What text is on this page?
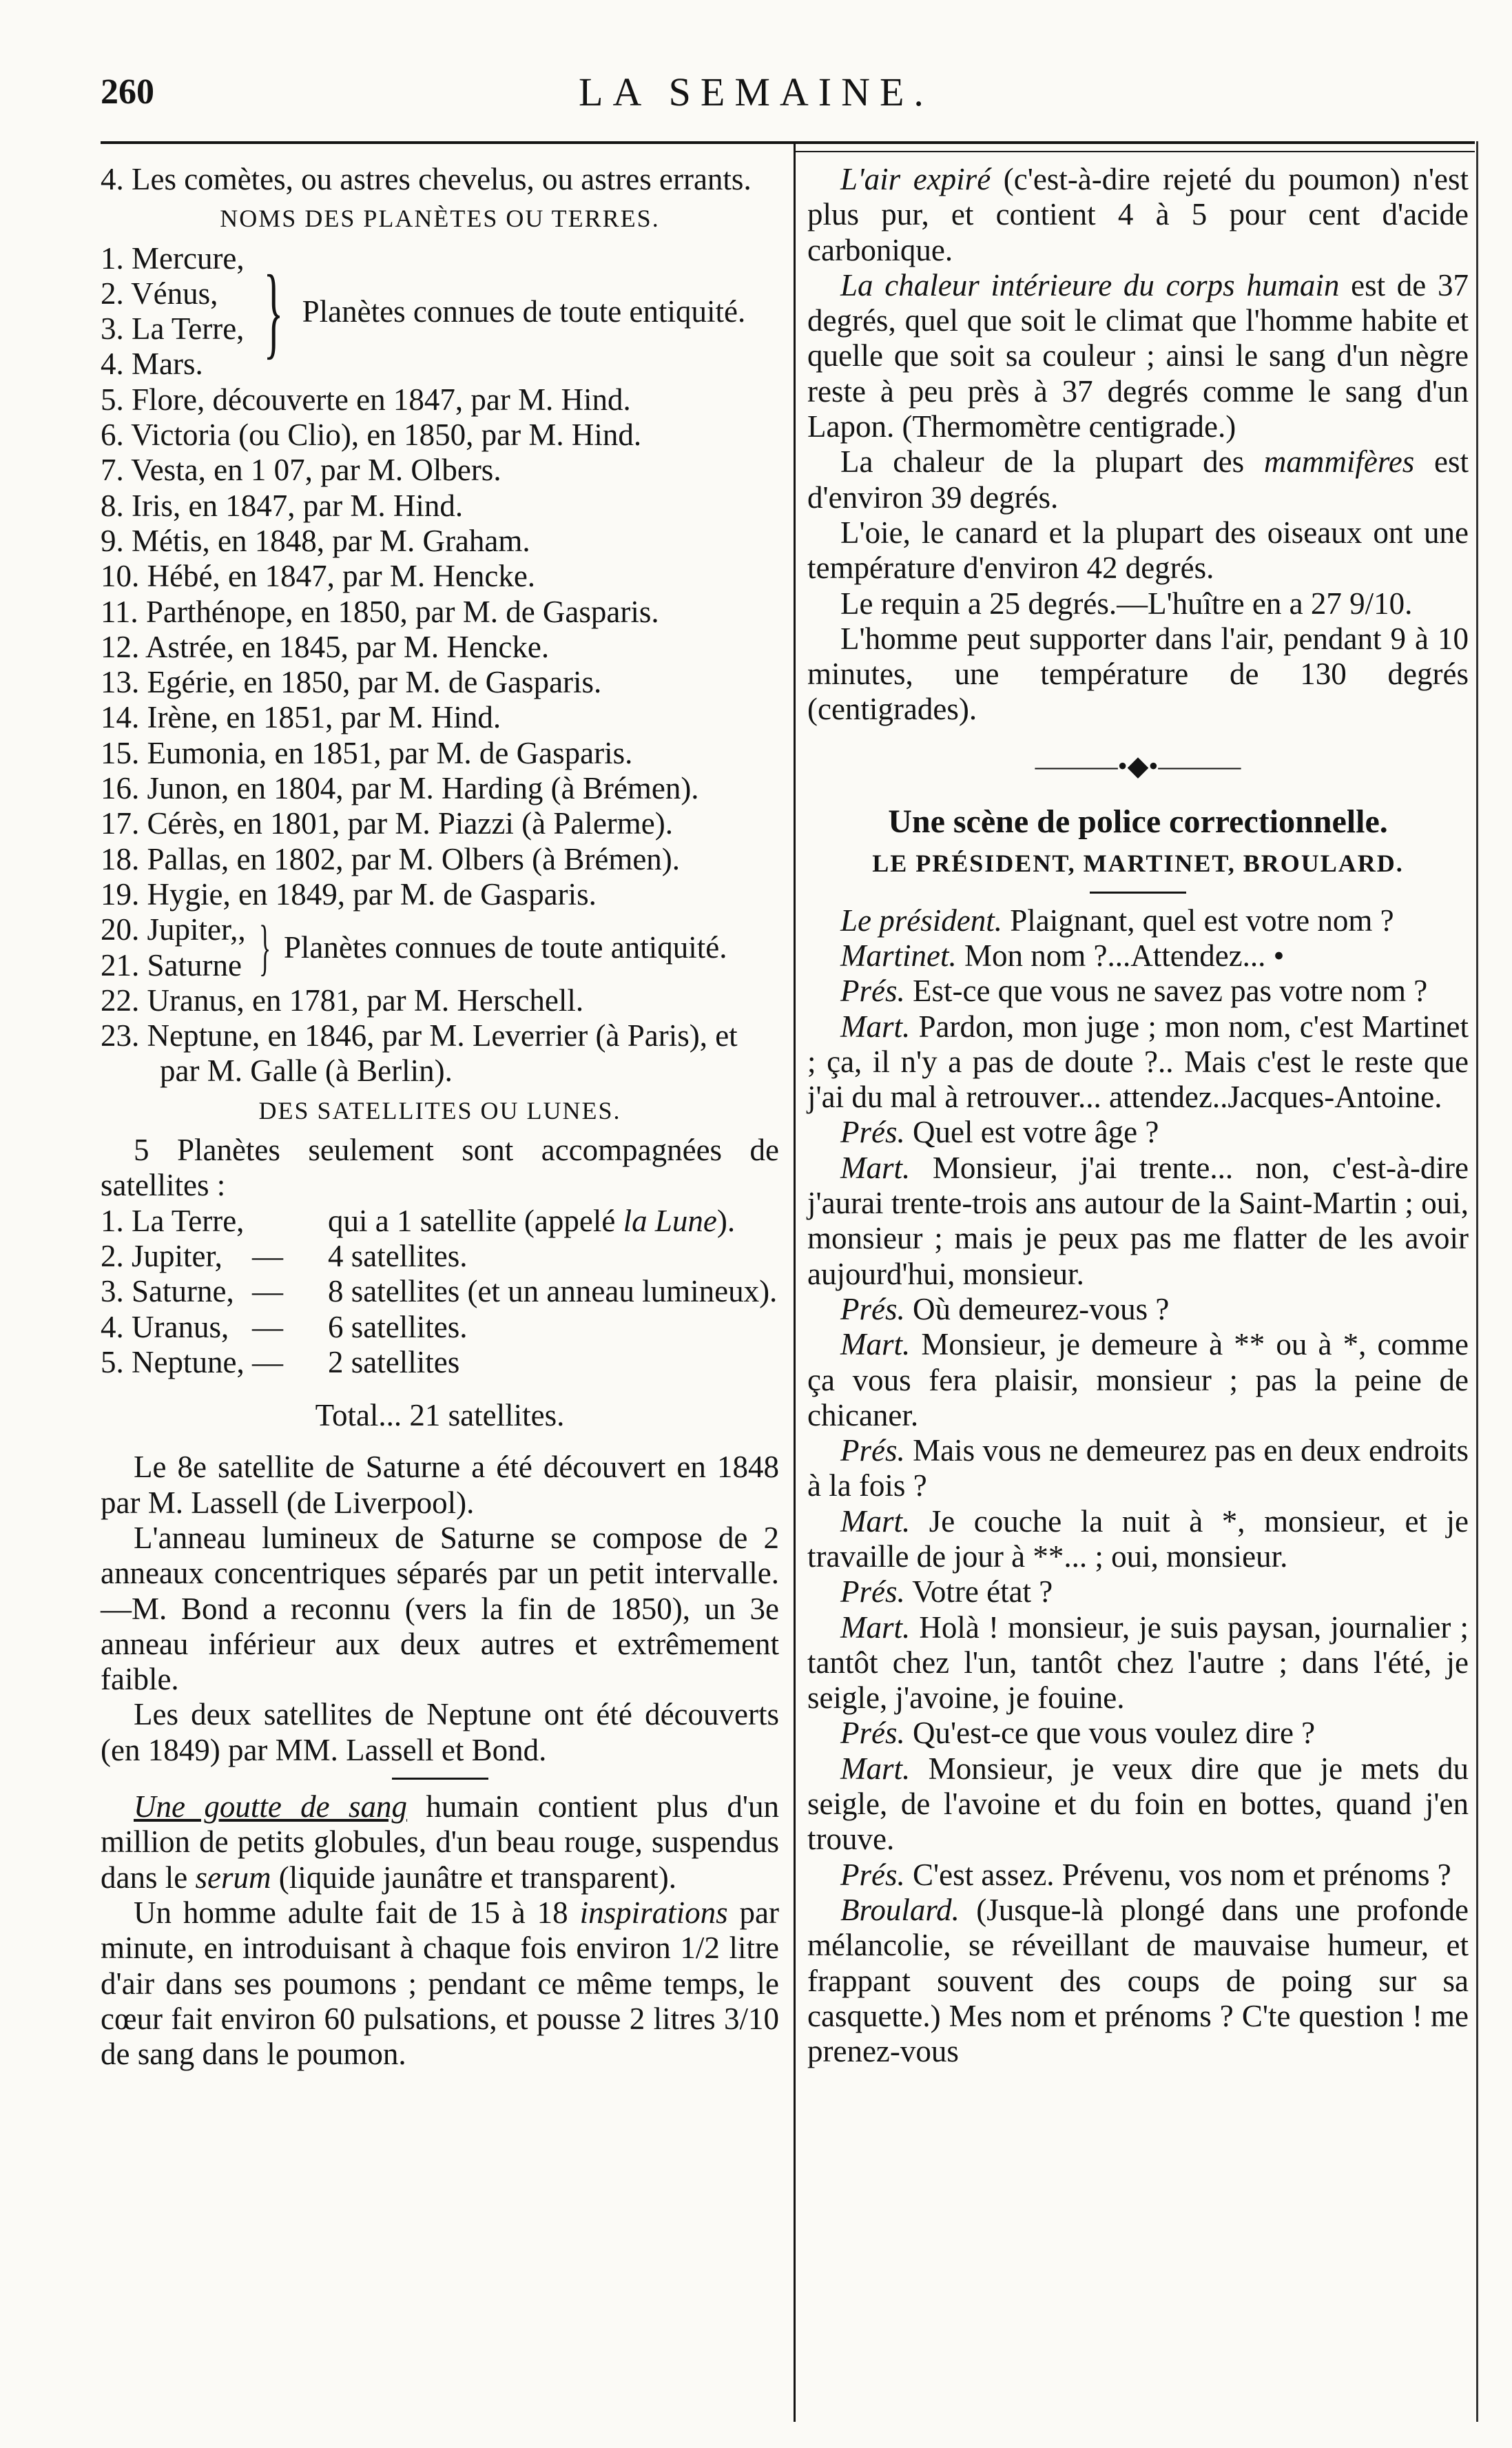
260	LA SEMAINE.

4. Les comètes, ou astres chevelus, ou astres errants.

NOMS DES PLANÈTES OU TERRES.
1. Mercure,
2. Vénus,
3. La Terre,
4. Mars. } Planètes connues de toute entiquité.

5. Flore, découverte en 1847, par M. Hind.

6. Victoria (ou Clio), en 1850, par M. Hind.

7. Vesta, en 1 07, par M. Olbers.

8. Iris, en 1847, par M. Hind.

9. Métis, en 1848, par M. Graham.

10. Hébé, en 1847, par M. Hencke.

11. Parthénope, en 1850, par M. de Gasparis.

12. Astrée, en 1845, par M. Hencke.

13. Egérie, en 1850, par M. de Gasparis.

14. Irène, en 1851, par M. Hind.

15. Eumonia, en 1851, par M. de Gasparis.

16. Junon, en 1804, par M. Harding (à Brémen).

17. Cérès, en 1801, par M. Piazzi (à Palerme).

18. Pallas, en 1802, par M. Olbers (à Brémen).

19. Hygie, en 1849, par M. de Gasparis.

20. Jupiter,,
21. Saturne } Planètes connues de toute antiquité.

22. Uranus, en 1781, par M. Herschell.

23. Neptune, en 1846, par M. Leverrier (à Paris), et par M. Galle (à Berlin).

DES SATELLITES OU LUNES.

5 Planètes seulement sont accompagnées de satellites :

1. La Terre,	qui a 1 satellite (appelé la Lune).
2. Jupiter, —	4 satellites.
3. Saturne, —	8 satellites (et un anneau lumineux).
4. Uranus, —	6 satellites.
5. Neptune, —	2 satellites
Total... 21 satellites.

Le 8e satellite de Saturne a été découvert en 1848 par M. Lassell (de Liverpool).

L'anneau lumineux de Saturne se compose de 2 anneaux concentriques séparés par un petit intervalle.—M. Bond a reconnu (vers la fin de 1850), un 3e anneau inférieur aux deux autres et extrêmement faible.

Les deux satellites de Neptune ont été découverts (en 1849) par MM. Lassell et Bond.

Une goutte de sang humain contient plus d'un million de petits globules, d'un beau rouge, suspendus dans le serum (liquide jaunâtre et transparent).

Un homme adulte fait de 15 à 18 inspirations par minute, en introduisant à chaque fois environ 1/2 litre d'air dans ses poumons ; pendant ce même temps, le cœur fait environ 60 pulsations, et pousse 2 litres 3/10 de sang dans le poumon.

L'air expiré (c'est-à-dire rejeté du poumon) n'est plus pur, et contient 4 à 5 pour cent d'acide carbonique.

La chaleur intérieure du corps humain est de 37 degrés, quel que soit le climat que l'homme habite et quelle que soit sa couleur ; ainsi le sang d'un nègre reste à peu près à 37 degrés comme le sang d'un Lapon. (Thermomètre centigrade.)

La chaleur de la plupart des mammifères est d'environ 39 degrés.

L'oie, le canard et la plupart des oiseaux ont une température d'environ 42 degrés.

Le requin a 25 degrés.—L'huître en a 27 9/10.

L'homme peut supporter dans l'air, pendant 9 à 10 minutes, une température de 130 degrés (centigrades).

———•◆•———
Une scène de police correctionnelle.
LE PRÉSIDENT, MARTINET, BROULARD.

Le président. Plaignant, quel est votre nom ?

Martinet. Mon nom ?...Attendez... •

Prés. Est-ce que vous ne savez pas votre nom ?

Mart. Pardon, mon juge ; mon nom, c'est Martinet ; ça, il n'y a pas de doute ?.. Mais c'est le reste que j'ai du mal à retrouver... attendez..Jacques-Antoine.

Prés. Quel est votre âge ?

Mart. Monsieur, j'ai trente... non, c'est-à-dire j'aurai trente-trois ans autour de la Saint-Martin ; oui, monsieur ; mais je peux pas me flatter de les avoir aujourd'hui, monsieur.

Prés. Où demeurez-vous ?

Mart. Monsieur, je demeure à ** ou à *, comme ça vous fera plaisir, monsieur ; pas la peine de chicaner.

Prés. Mais vous ne demeurez pas en deux endroits à la fois ?

Mart. Je couche la nuit à *, monsieur, et je travaille de jour à **... ; oui, monsieur.

Prés. Votre état ?

Mart. Holà ! monsieur, je suis paysan, journalier ; tantôt chez l'un, tantôt chez l'autre ; dans l'été, je seigle, j'avoine, je fouine.

Prés. Qu'est-ce que vous voulez dire ?

Mart. Monsieur, je veux dire que je mets du seigle, de l'avoine et du foin en bottes, quand j'en trouve.

Prés. C'est assez. Prévenu, vos nom et prénoms ?

Broulard. (Jusque-là plongé dans une profonde mélancolie, se réveillant de mauvaise humeur, et frappant souvent des coups de poing sur sa casquette.) Mes nom et prénoms ? C'te question ! me prenez-vous
